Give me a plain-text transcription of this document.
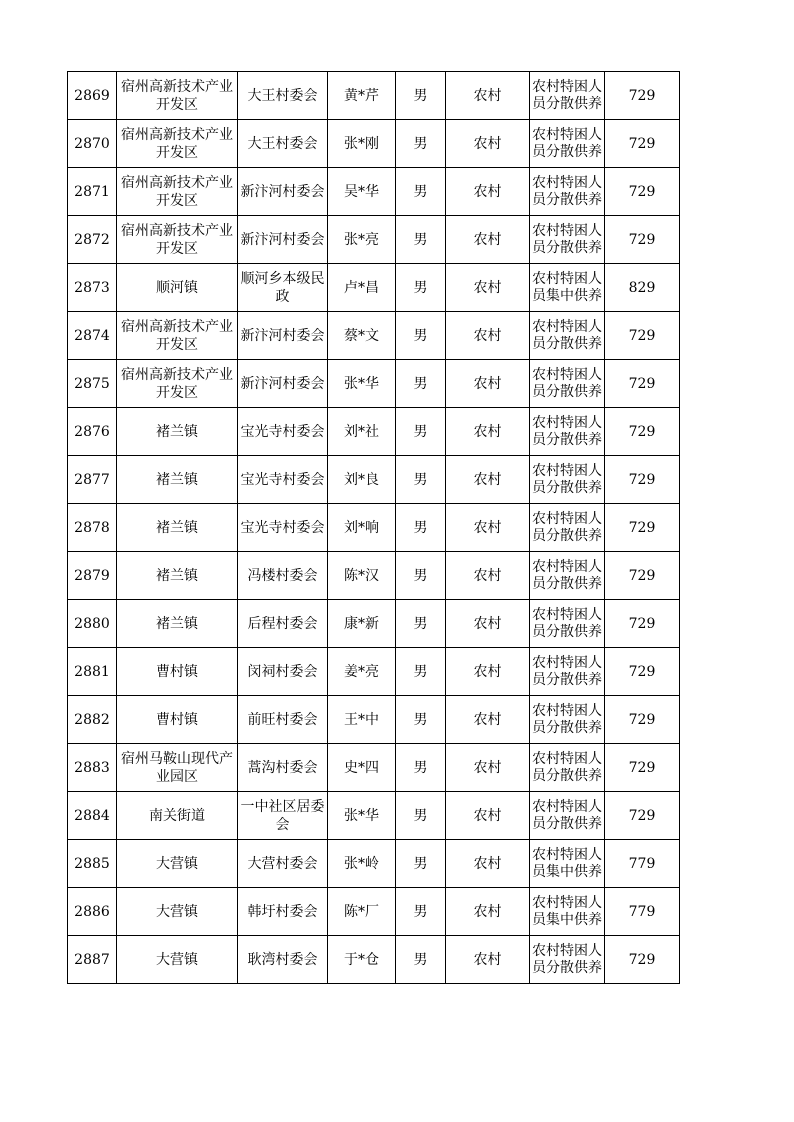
2869	宿州高新技术产业开发区	大王村委会	黄*芹	男	农村	农村特困人员分散供养	729
2870	宿州高新技术产业开发区	大王村委会	张*刚	男	农村	农村特困人员分散供养	729
2871	宿州高新技术产业开发区	新汴河村委会	吴*华	男	农村	农村特困人员分散供养	729
2872	宿州高新技术产业开发区	新汴河村委会	张*亮	男	农村	农村特困人员分散供养	729
2873	顺河镇	顺河乡本级民政	卢*昌	男	农村	农村特困人员集中供养	829
2874	宿州高新技术产业开发区	新汴河村委会	蔡*文	男	农村	农村特困人员分散供养	729
2875	宿州高新技术产业开发区	新汴河村委会	张*华	男	农村	农村特困人员分散供养	729
2876	褚兰镇	宝光寺村委会	刘*社	男	农村	农村特困人员分散供养	729
2877	褚兰镇	宝光寺村委会	刘*良	男	农村	农村特困人员分散供养	729
2878	褚兰镇	宝光寺村委会	刘*响	男	农村	农村特困人员分散供养	729
2879	褚兰镇	冯楼村委会	陈*汉	男	农村	农村特困人员分散供养	729
2880	褚兰镇	后程村委会	康*新	男	农村	农村特困人员分散供养	729
2881	曹村镇	闵祠村委会	姜*亮	男	农村	农村特困人员分散供养	729
2882	曹村镇	前旺村委会	王*中	男	农村	农村特困人员分散供养	729
2883	宿州马鞍山现代产业园区	蒿沟村委会	史*四	男	农村	农村特困人员分散供养	729
2884	南关街道	一中社区居委会	张*华	男	农村	农村特困人员分散供养	729
2885	大营镇	大营村委会	张*岭	男	农村	农村特困人员集中供养	779
2886	大营镇	韩圩村委会	陈*厂	男	农村	农村特困人员集中供养	779
2887	大营镇	耿湾村委会	于*仓	男	农村	农村特困人员分散供养	729
